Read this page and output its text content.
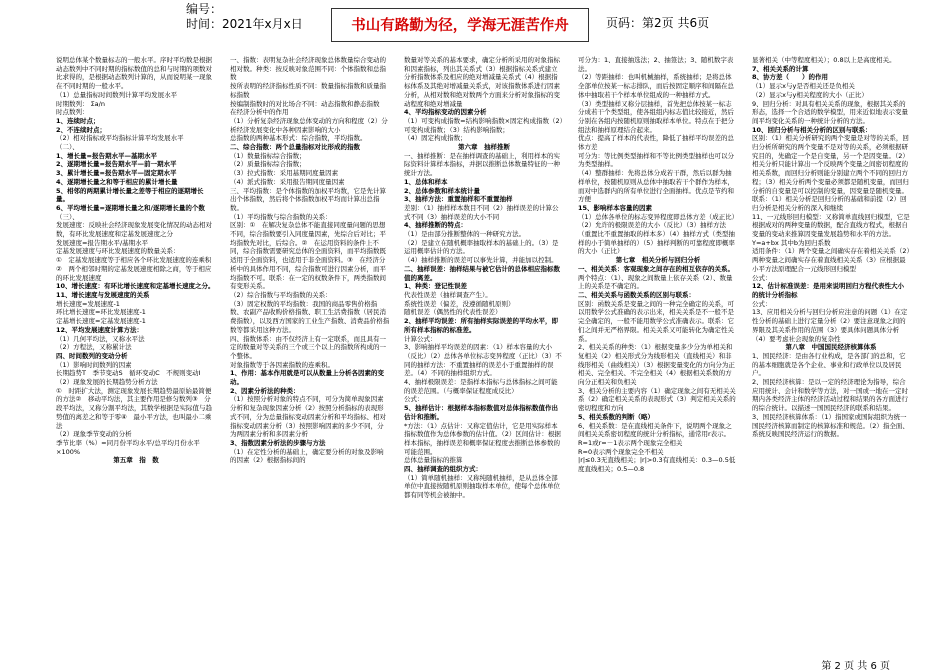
编号：
时间：2021年x月x日	书山有路勤为径，学海无涯苦作舟	页码：第2页 共6页

说明总体某个数量标志的一般水平。序时平均数是根据动态数列中不同时期的指标数值的总和与时期的项数对比求得的，是根据动态数列计算的，从而说明某一现象在不同时期的一般水平。

（1）总量指标时间数列计算平均发展水平

时期数列： Σa/n

时点数列：

1、连续时点；

2、不连续时点；

（2）相对指标或平均指标计算平均发展水平

（二）、

1、增长量=报告期水平—基期水平

2、逐期增长量=报告期水平—前一期水平

3、累计增长量=报告期水平—固定期水平

4、逐期增长量之和等于相应的累计增长量

5、相邻的两期累计增长量之差等于相应的逐期增长量。

6、平均增长量=逐期增长量之和/逐期增长量的个数

（三）、

发展速度：反映社会经济现象发展变化情况的动态相对数，有环比发展速度和定基发展速度之分

发展速度=报告期水平/基期水平

定基发展速度与环比发展速度的数量关系：

①　定基发展速度等于相应各个环比发展速度的连乘积②　两个相邻时期的定基发展速度相除之商，等于相应的环比发展速度

10、增长速度：有环比增长速度和定基增长速度之分。

11、增长速度与发展速度的关系

增长速度=发展速度-1

环比增长速度=环比发展速度-1

定基增长速度=定基发展速度-1

12、平均发展速度计算方法：

（1）几何平均法，又称水平法

（2）方程法，又称累计法

四、时间数列的变动分析

（1）影响时间数列的因素

长期趋势T　季节变动S　循环变动C　不规则变动I

（2）现象发展的长期趋势分析方法

①　时距扩大法，测定现象发展长期趋势最原始最简便的方法②　移动平均法，其主要作用是修匀数列③　分段平均法，又称分割平均法，其数学根据是实际值与趋势值的离差之和等于零④　最小平方法，也叫最小二乘法

（2）现象季节变动的分析

季节比率（%）=同月份平均水平/总平均月份水平×100%

第五章　指　数

一、指数：表明复杂社会经济现象总体数量综合变动的相对数。种类：按反映对象范围不同：个体指数和总指数

按所表明的经济指标性质不同：数量指标指数和质量指标指数

按编制指数时的对比场合不同：动态指数和静态指数

在经济分析中的作用

（1）分析复杂经济现象总体变动的方向和程度（2）分析经济发展变化中各种因素影响的大小

总指数的两种基本形式：综合指数，平均指数。

二、综合指数：两个总量指标对比形成的指数

（1）数量指标综合指数；

（2）质量指标综合指数；

（3）拉式指数：采用基期同度量因素

（4）派式指数：采用报告期同度量因素

三、平均指数：是个体指数的加权平均数，它是先计算出个体指数，然后将个体指数加权平均而计算出总指数。

（1）平均指数与综合指数的关系：

区别：①　在解决复杂总体不能直接同度量问题的思想不同，综合指数要引入同度量因素，先综合后对比；平均指数先对比，后综合。②　在运用资料的条件上不同，综合指数需要研究总体的全面资料，而平均指数既适用于全面资料，也适用于非全面资料。③　在经济分析中的具体作用不同，综合指数可进行因素分析，而平均指数不可。联系：在一定的权数条件下，两类指数间有变形关系。

（2）综合指数与平均指数的关系：

（3）固定权数的平均指数：我国的商品零售价格指数、农副产品收购价格指数、职工生活费指数（居民消费指数），以及西方国家的工业生产指数、消费品价格指数等都采用这种方法。

四、指数体系：由不仅经济上有一定联系，而且具有一定的数量对等关系的三个或三个以上的指数所构成的一个整体。

对象指数等于各因素指数的连乘积。

1、作用：基本作用就是可以从数量上分析各因素的变动。

2、因素分析法的种类：

（1）按照分析对象的特点不同，可分为简单现象因素分析和复杂现象因素分析（2）按照分析指标的表现形式不同，分为总量指标变动因素分析和平均指标、相对指标变动因素分析（3）按照影响因素的多少不同，分为两因素分析和多因素分析

3、指数因素分析法的步骤与方法

（1）在定性分析的基础上，确定要分析的对象及影响的因素（2）根据指标间的

数量对等关系的基本要求，确定分析所采用的对象指标和因素指标，列出其关系式（3）根据指标关系式建立分析指数体系及相应的绝对增减量关系式（4）根据指标体系及其绝对增减量关系式，对该指数体系进行因素分析，从相对数和绝对数两个方面来分析对象指标的变动程度和绝对增减量

4、平均指标变动的因素分析

（1）可变构成指数=结构影响指数×固定构成指数（2）可变构成指数；（3）结构影响指数；

（4）固定构成指数；

第六章　抽样推断

一、抽样推断：是在抽样调查的基础上，利用样本的实际资料计算样本指标，并据以推断总体数量特征的一种统计方法。

1、总体和样本

2、总体参数和样本统计量

3、抽样方法：重置抽样和不重置抽样

差别：（1）抽样样本数目不同（2）抽样误差的计算公式不同（3）抽样误差的大小不同

4、抽样推断的特点：

（1）是由部分推断整体的一种研究方法。

（2）是建立在随机概率抽取样本的基础上的。（3）是运用概率估计的方法。

（4）抽样推断的误差可以事先计算，并能加以控制。

二、抽样误差：抽样结果与被它估计的总体相应指标数值的离差。

1、种类：登记性误差

代表性误差（抽样调查产生）。

系统性误差（偏差，没遵循随机原则）

随机误差（偶然性的代表性误差）

2、抽样平均误差：所有抽样实际误差的平均水平，即所有样本指标的标准差。

计算公式：

3、影响抽样平均误差的因素：（1）样本容量的大小（反比）（2）总体各单位标志变异程度（正比）（3）不同的抽样方法：不重置抽样的误差小于重置抽样的误差。（4）不同的抽样组织方式。

4、抽样极限误差：是指样本指标与总体指标之间可能的误差范围。（与概率保证程度成反比）

公式：

5、抽样估计：根据样本指标数值对总体指标数值作出估计和推断。

*方法：（1）点估计：又称定值估计，它是用实际样本指标数值作为总体参数的估计值。（2）区间估计：根据样本指标，抽样误差和概率保证程度去推断总体参数的可能范围。

总体总量指标的推算

四、抽样调查的组织方式：

（1）简单随机抽样：又称纯随机抽样，是从总体全部单位中直接按随机原则抽取样本单位，使每个总体单位都有同等机会被抽中。

可分为：1、直接抽选法；2、抽签法；3、随机数字表法。

（2）等距抽样：也叫机械抽样，系统抽样；是将总体全部单位按某一标志排队，而后按固定顺序和间隔在总体中抽取若干个样本单位组成的一种抽样方式。

（3）类型抽样又称分层抽样，首先把总体按某一标志分成若干个类型组，使各组组内标志值比较接近，然后分别在各组内按随机原则抽取样本单位。特点在于把分组法和抽样原理结合起来。

优点：提高了样本的代表性，降低了抽样平均误差的总体方差

可分为：等比例类型抽样和不等比例类型抽样也可以分为类型抽样。

（4）整群抽样：先将总体分成若干群，然后以群为抽样单位，按随机原则从总体中抽取若干个群作为样本，而对中选群内的所有单位进行全面抽样。优点是节约和方便

15、影响样本容量的因素

（1）总体各单位的标志变异程度即总体方差（成正比）（2）允许的极限误差的大小（反比）（3）抽样方法（重置比不重置抽取的样本多）（4）抽样方式（类型抽样的小于简单抽样的）（5）抽样判断的可靠程度即概率的大小（正比）

第七章　相关分析与回归分析

一、相关关系：客观现象之间存在的相互依存的关系。

两个特点：（1）、现象之间数量上依存关系（2）、数量上的关系是不确定的。

二、相关关系与函数关系的区别与联系：

区别：函数关系是变量之间的一种完全确定的关系，可以用数学公式准确的表示出来，相关关系是不一般不是完全确定的，一般不能用数学公式准确表示。联系：它们之间并无严格界限。相关关系又可能转化为确定性关系。

2、相关关系的种类：（1）根据变量多少分为单相关和复相关（2）相关形式分为线形相关（直线相关）和非线形相关（曲线相关）（3）根据变量变化的方向分为正相关、完全相关、不完全相关（4）根据相关系数的方向分正相关和负相关

3、相关分析的主要内容（1）确定现象之间有无相关关系（2）确定相关关系的表现形式（3）判定相关关系的密切程度和方向

5、相关系数的判断（略）

6、相关系数：是在直线相关条件下，说明两个现象之间相关关系密切程度的统计分析指标，通常用r表示。

R=1或r=－1表示两个现象完全相关

R=0表示两个现象完全不相关

|r|≤0.3无直线相关；|r|>0.3有直线相关：0.3—0.5低度直线相关；0.5—0.8

显著相关（中等程度相关）；0.8以上是高度相关。

7、相关关系的计算

8、协方差（　　）的作用

（1）显示x与y是否相关还是负相关

（2）显示x与y相关程度的大小（正比）

9、回归分析：对具有相关关系的现象，根据其关系的形态，选择一个合适的数学模型，用来近似地表示变量间平均变化关系的一种统计分析的方法。

10、回归分析与相关分析的区别与联系：

区别：（1）相关分析研究的两个变量是对等的关系，回归分析所研究的两个变量不是对等的关系，必须根据研究目的，先确定一个是自变量，另一个是因变量。（2）相关分析只能计算出一个反映两个变量之间密切程度的相关系数，而回归分析则能分别建立两个不同的回归方程；（3）相关分析两个变量必须都是随机变量，而回归分析的自变量是可以控制的变量，因变量是随机变量。联系：（1）相关分析是回归分析的基础和前提（2）回归分析是相关分析的深入和继续

11、一元线形回归模型：又称简单直线回归模型，它是根据成对的两种变量的数据，配合直线方程式，根据自变量的变动来推算因变量发展趋势和水平的方法。

Y=a+bx 其中b为回归系数

适用条件：（1）两个变量之间确实存在着相关关系（2）两种变量之间确实存在着直线相关关系（3）应根据最小平方法原理配合一元线形回归模型

公式：

12、估计标准误差：是用来说明回归方程代表性大小的统计分析指标

公式：

13、应用相关分析与回归分析应注意的问题（1）在定性分析的基础上进行定量分析（2）要注意现象之间的界限及其关系作用的范围（3）要具体问题具体分析（4）要考虑社会现象的复杂性

第八章　中国国民经济核算体系

1、国民经济：是由各行业构成，是各部门的总和，它的基本细胞就是各个企业、事业和行政单位以及居民户。

2、国民经济核算：是以一定的经济理论为指导，综合应用统计、会计和数学等方法，对一国或一地在一定时期内各类经济主体的经济活动过程和结果的各方面进行的综合统计。以描述一国国民经济的联系和结果。

3、国民经济核算体系：（1）指国家或国际组织为统一国民经济核算而制定的核算标准和规范。（2）指全面、系统反映国民经济运行的数据。

第 2 页 共 6 页
